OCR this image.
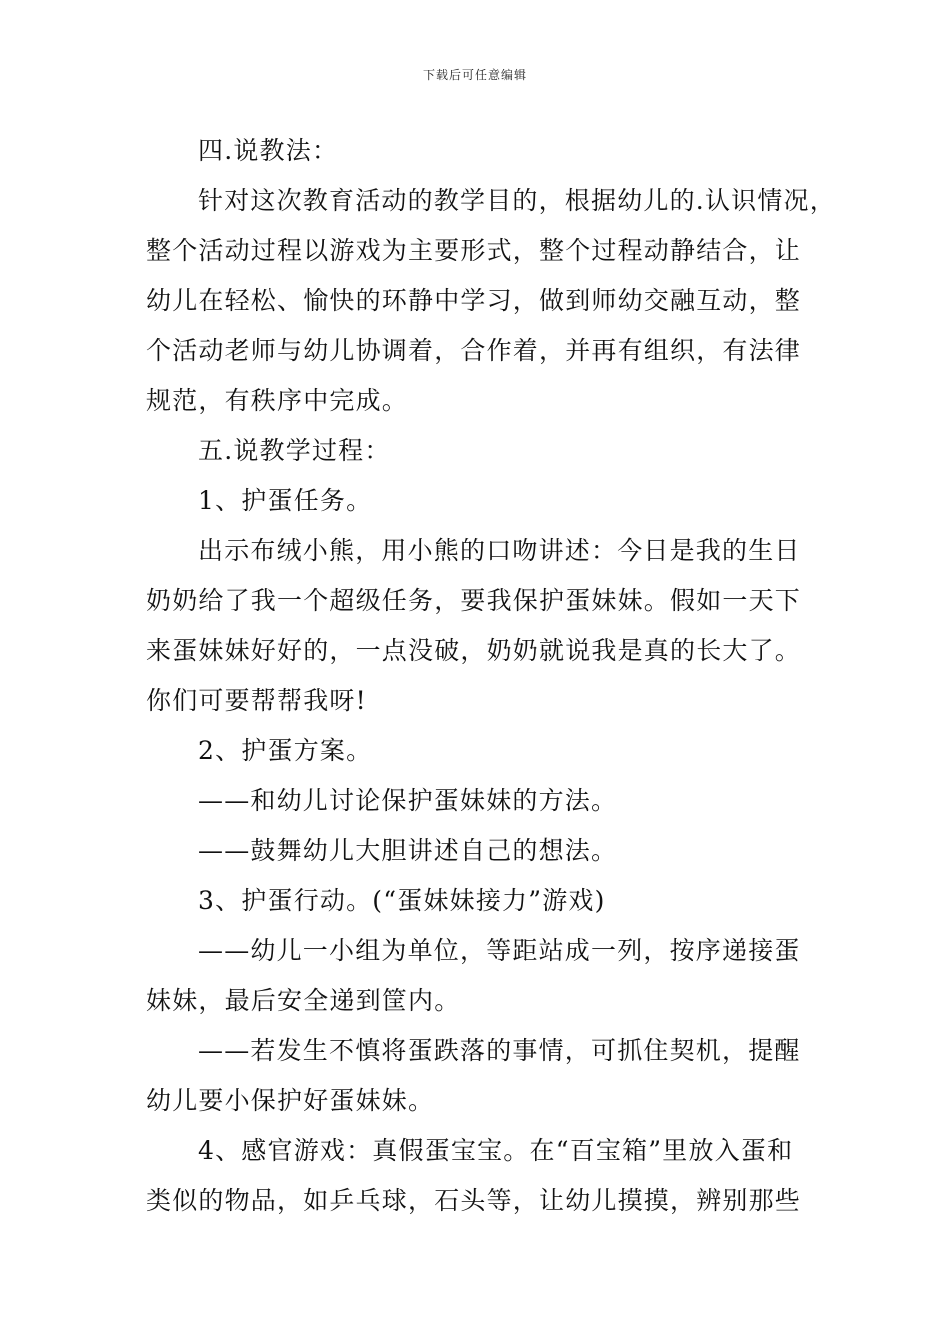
下载后可任意编辑
四.说教法：
针对这次教育活动的教学目的，根据幼儿的.认识情况，
整个活动过程以游戏为主要形式，整个过程动静结合，让
幼儿在轻松、愉快的环静中学习，做到师幼交融互动，整
个活动老师与幼儿协调着，合作着，并再有组织，有法律
规范，有秩序中完成。
五.说教学过程：
1、护蛋任务。
出示布绒小熊，用小熊的口吻讲述：今日是我的生日
奶奶给了我一个超级任务，要我保护蛋妹妹。假如一天下
来蛋妹妹好好的，一点没破，奶奶就说我是真的长大了。
你们可要帮帮我呀!
2、护蛋方案。
——和幼儿讨论保护蛋妹妹的方法。
——鼓舞幼儿大胆讲述自己的想法。
3、护蛋行动。(“蛋妹妹接力”游戏)
——幼儿一小组为单位，等距站成一列，按序递接蛋
妹妹，最后安全递到筐内。
——若发生不慎将蛋跌落的事情，可抓住契机，提醒
幼儿要小保护好蛋妹妹。
4、感官游戏：真假蛋宝宝。在“百宝箱”里放入蛋和
类似的物品，如乒乓球，石头等，让幼儿摸摸，辨别那些
